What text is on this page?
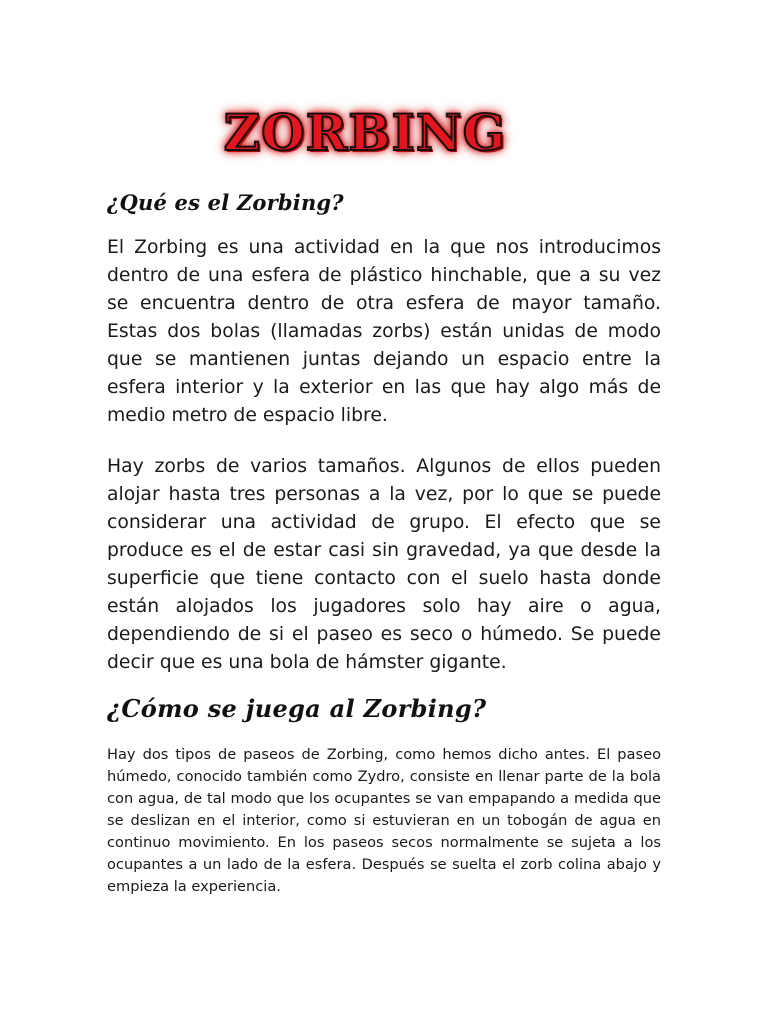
ZORBING
¿Qué es el Zorbing?

El Zorbing es una actividad en la que nos introducimos dentro de una esfera de plástico hinchable, que a su vez se encuentra dentro de otra esfera de mayor tamaño. Estas dos bolas (llamadas zorbs) están unidas de modo que se mantienen juntas dejando un espacio entre la esfera interior y la exterior en las que hay algo más de medio metro de espacio libre.

Hay zorbs de varios tamaños. Algunos de ellos pueden alojar hasta tres personas a la vez, por lo que se puede considerar una actividad de grupo. El efecto que se produce es el de estar casi sin gravedad, ya que desde la superficie que tiene contacto con el suelo hasta donde están alojados los jugadores solo hay aire o agua, dependiendo de si el paseo es seco o húmedo. Se puede decir que es una bola de hámster gigante.

¿Cómo se juega al Zorbing?

Hay dos tipos de paseos de Zorbing, como hemos dicho antes. El paseo húmedo, conocido también como Zydro, consiste en llenar parte de la bola con agua, de tal modo que los ocupantes se van empapando a medida que se deslizan en el interior, como si estuvieran en un tobogán de agua en continuo movimiento. En los paseos secos normalmente se sujeta a los ocupantes a un lado de la esfera. Después se suelta el zorb colina abajo y empieza la experiencia.
